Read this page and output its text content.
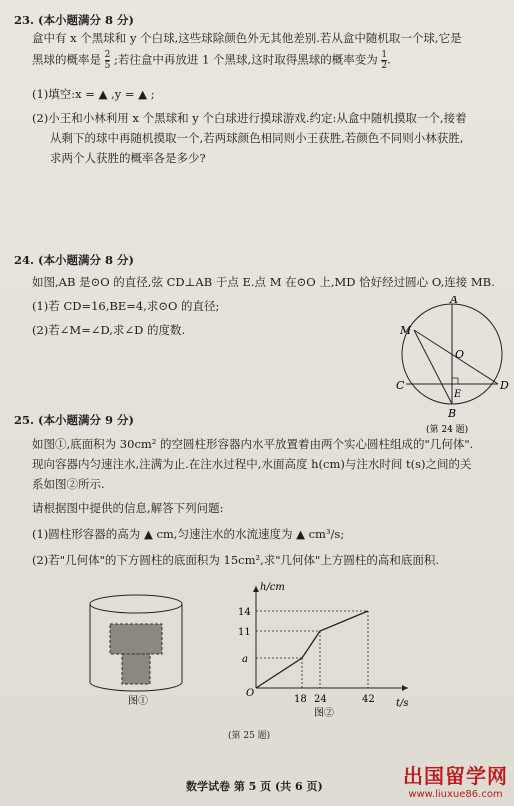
23. (本小题满分 8 分)
盒中有 x 个黑球和 y 个白球,这些球除颜色外无其他差别.若从盒中随机取一个球,它是
黑球的概率是 $\frac{2}{5}$ ;若往盒中再放进 1 个黑球,这时取得黑球的概率变为 $\frac{1}{2}$ .
(1)填空:x = ▲ ,y = ▲ ;
(2)小王和小林利用 x 个黑球和 y 个白球进行摸球游戏.约定:从盒中随机摸取一个,接着
从剩下的球中再随机摸取一个,若两球颜色相同则小王获胜,若颜色不同则小林获胜,
求两个人获胜的概率各是多少?
24. (本小题满分 8 分)
如图,AB 是⊙O 的直径,弦 CD⊥AB 于点 E.点 M 在⊙O 上,MD 恰好经过圆心 O,连接 MB.
(1)若 CD=16,BE=4,求⊙O 的直径;
(2)若∠M=∠D,求∠D 的度数.
A
B
C	D
E
M
O
(第 24 题)
25. (本小题满分 9 分)
如图①,底面积为 30cm² 的空圆柱形容器内水平放置着由两个实心圆柱组成的"几何体".
现向容器内匀速注水,注满为止.在注水过程中,水面高度 h(cm)与注水时间 t(s)之间的关
系如图②所示.
请根据图中提供的信息,解答下列问题:
(1)圆柱形容器的高为 ▲ cm,匀速注水的水流速度为 ▲ cm³/s;
(2)若"几何体"的下方圆柱的底面积为 15cm²,求"几何体"上方圆柱的高和底面积.
图①
h/cm
t/s
O
14
11
a
18 24	42
图②
(第 25 题)
数学试卷 第 5 页 (共 6 页)	出国留学网
www.liuxue86.com
